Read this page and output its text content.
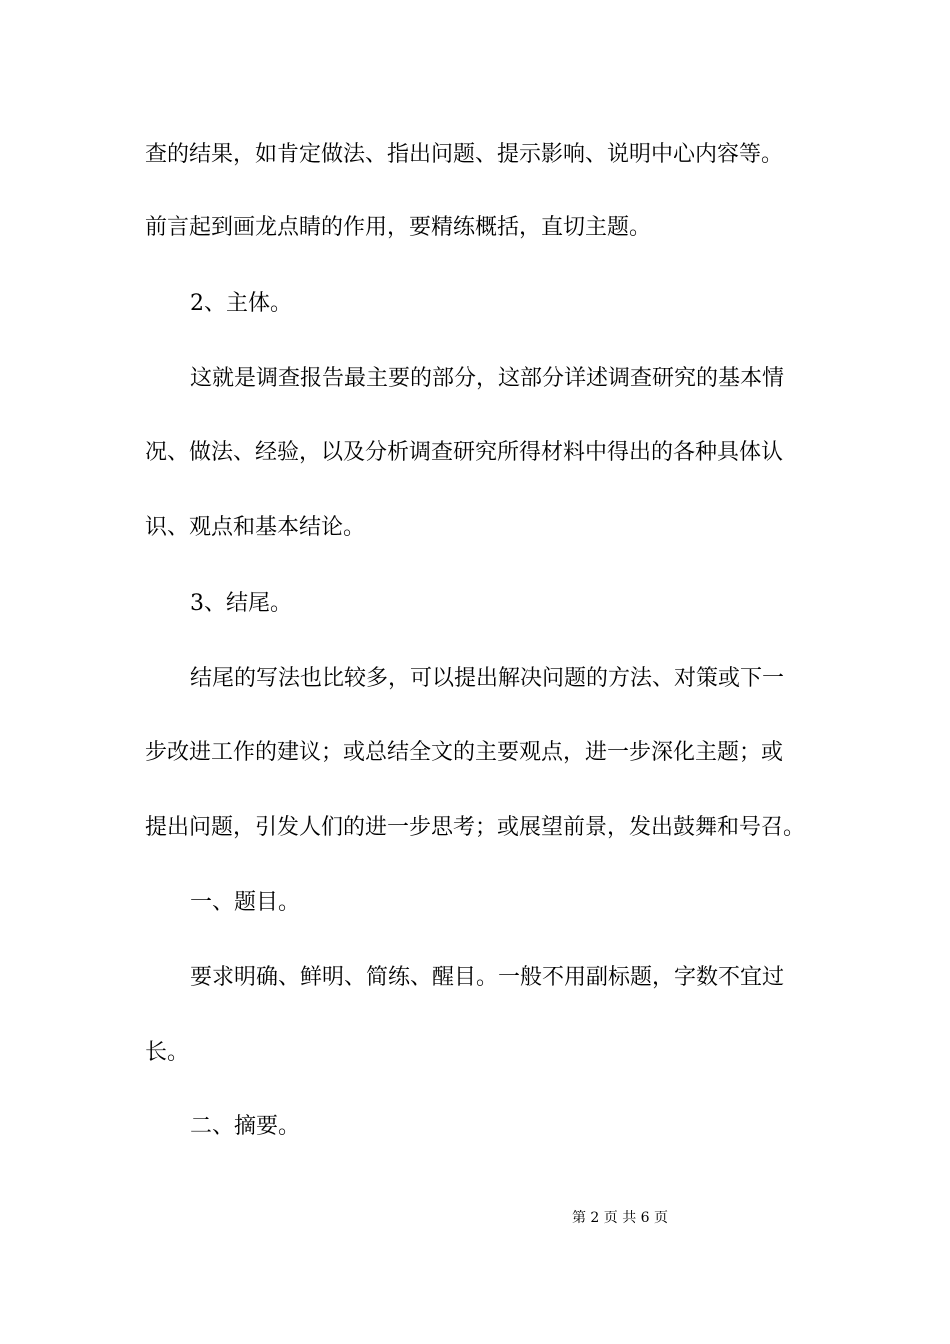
查的结果，如肯定做法、指出问题、提示影响、说明中心内容等。
前言起到画龙点睛的作用，要精练概括，直切主题。
2、主体。
这就是调查报告最主要的部分，这部分详述调查研究的基本情
况、做法、经验，以及分析调查研究所得材料中得出的各种具体认
识、观点和基本结论。
3、结尾。
结尾的写法也比较多，可以提出解决问题的方法、对策或下一
步改进工作的建议；或总结全文的主要观点，进一步深化主题；或
提出问题，引发人们的进一步思考；或展望前景，发出鼓舞和号召。
一、题目。
要求明确、鲜明、简练、醒目。一般不用副标题，字数不宜过
长。
二、摘要。
第 2 页 共 6 页
